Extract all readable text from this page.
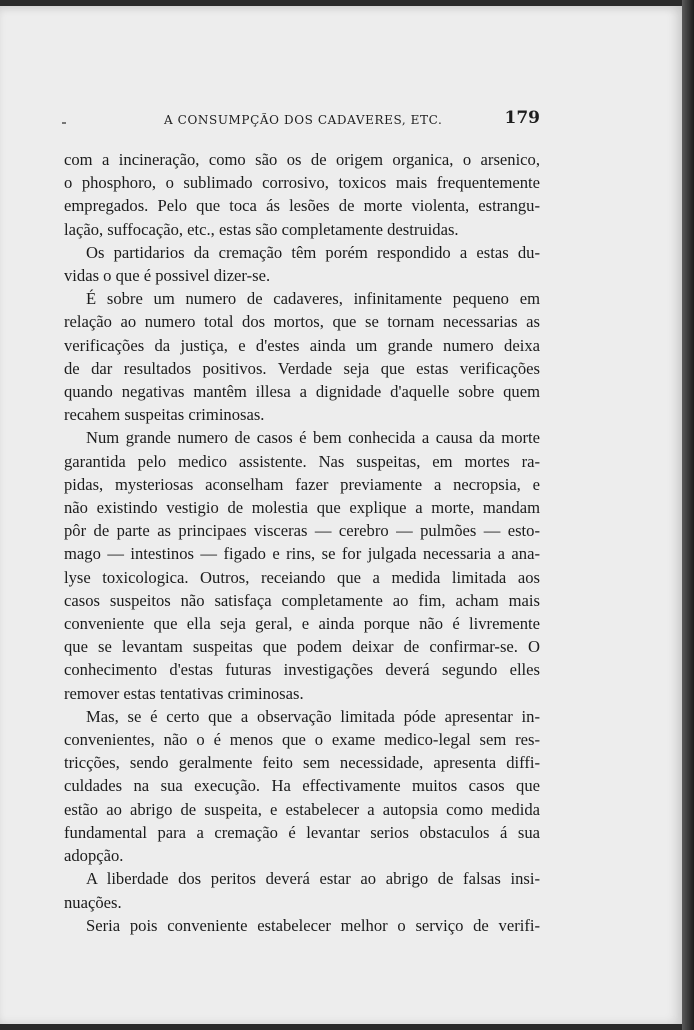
A CONSUMPÇÃO DOS CADAVERES, ETC.	179
com a incineração, como são os de origem organica, o arsenico,
o phosphoro, o sublimado corrosivo, toxicos mais frequentemente
empregados. Pelo que toca ás lesões de morte violenta, estrangu-
lação, suffocação, etc., estas são completamente destruidas.
Os partidarios da cremação têm porém respondido a estas du-
vidas o que é possivel dizer-se.
É sobre um numero de cadaveres, infinitamente pequeno em
relação ao numero total dos mortos, que se tornam necessarias as
verificações da justiça, e d'estes ainda um grande numero deixa
de dar resultados positivos. Verdade seja que estas verificações
quando negativas mantêm illesa a dignidade d'aquelle sobre quem
recahem suspeitas criminosas.
Num grande numero de casos é bem conhecida a causa da morte
garantida pelo medico assistente. Nas suspeitas, em mortes ra-
pidas, mysteriosas aconselham fazer previamente a necropsia, e
não existindo vestigio de molestia que explique a morte, mandam
pôr de parte as principaes visceras — cerebro — pulmões — esto-
mago — intestinos — figado e rins, se for julgada necessaria a ana-
lyse toxicologica. Outros, receiando que a medida limitada aos
casos suspeitos não satisfaça completamente ao fim, acham mais
conveniente que ella seja geral, e ainda porque não é livremente
que se levantam suspeitas que podem deixar de confirmar-se. O
conhecimento d'estas futuras investigações deverá segundo elles
remover estas tentativas criminosas.
Mas, se é certo que a observação limitada póde apresentar in-
convenientes, não o é menos que o exame medico-legal sem res-
tricções, sendo geralmente feito sem necessidade, apresenta diffi-
culdades na sua execução. Ha effectivamente muitos casos que
estão ao abrigo de suspeita, e estabelecer a autopsia como medida
fundamental para a cremação é levantar serios obstaculos á sua
adopção.
A liberdade dos peritos deverá estar ao abrigo de falsas insi-
nuações.
Seria pois conveniente estabelecer melhor o serviço de verifi-
